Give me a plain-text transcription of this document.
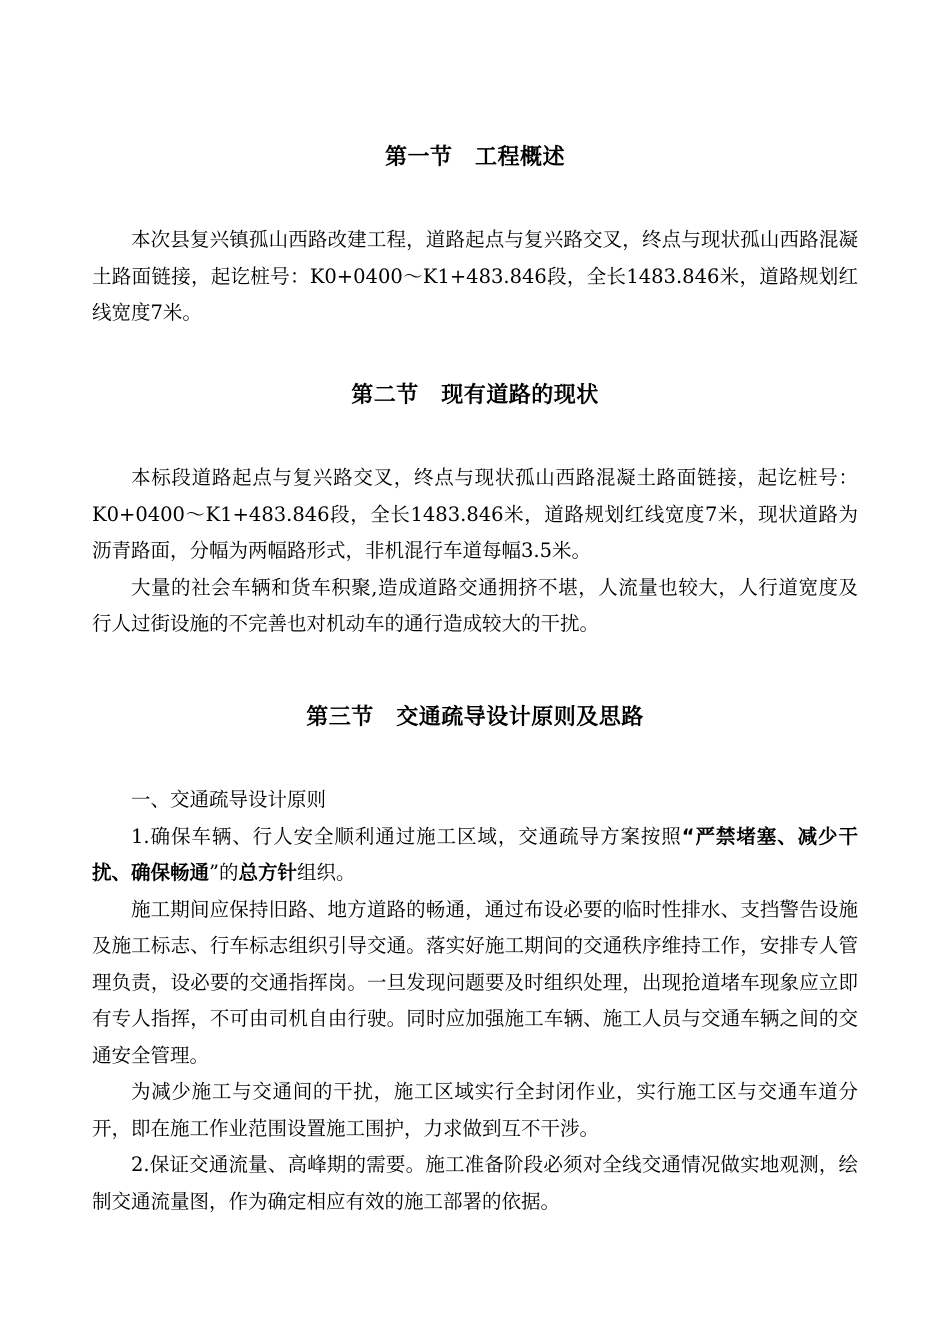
第一节　工程概述

本次县复兴镇孤山西路改建工程，道路起点与复兴路交叉，终点与现状孤山西路混凝土路面链接，起讫桩号：K0+0400～K1+483.846段，全长1483.846米，道路规划红线宽度7米。

第二节　现有道路的现状

本标段道路起点与复兴路交叉，终点与现状孤山西路混凝土路面链接，起讫桩号：K0+0400～K1+483.846段，全长1483.846米，道路规划红线宽度7米，现状道路为沥青路面，分幅为两幅路形式，非机混行车道每幅3.5米。

大量的社会车辆和货车积聚,造成道路交通拥挤不堪，人流量也较大，人行道宽度及行人过街设施的不完善也对机动车的通行造成较大的干扰。

第三节　交通疏导设计原则及思路

一、交通疏导设计原则

1.确保车辆、行人安全顺利通过施工区域，交通疏导方案按照“严禁堵塞、减少干扰、确保畅通”的总方针组织。

施工期间应保持旧路、地方道路的畅通，通过布设必要的临时性排水、支挡警告设施及施工标志、行车标志组织引导交通。落实好施工期间的交通秩序维持工作，安排专人管理负责，设必要的交通指挥岗。一旦发现问题要及时组织处理，出现抢道堵车现象应立即有专人指挥，不可由司机自由行驶。同时应加强施工车辆、施工人员与交通车辆之间的交通安全管理。

为减少施工与交通间的干扰，施工区域实行全封闭作业，实行施工区与交通车道分开，即在施工作业范围设置施工围护，力求做到互不干涉。

2.保证交通流量、高峰期的需要。施工准备阶段必须对全线交通情况做实地观测，绘制交通流量图，作为确定相应有效的施工部署的依据。
